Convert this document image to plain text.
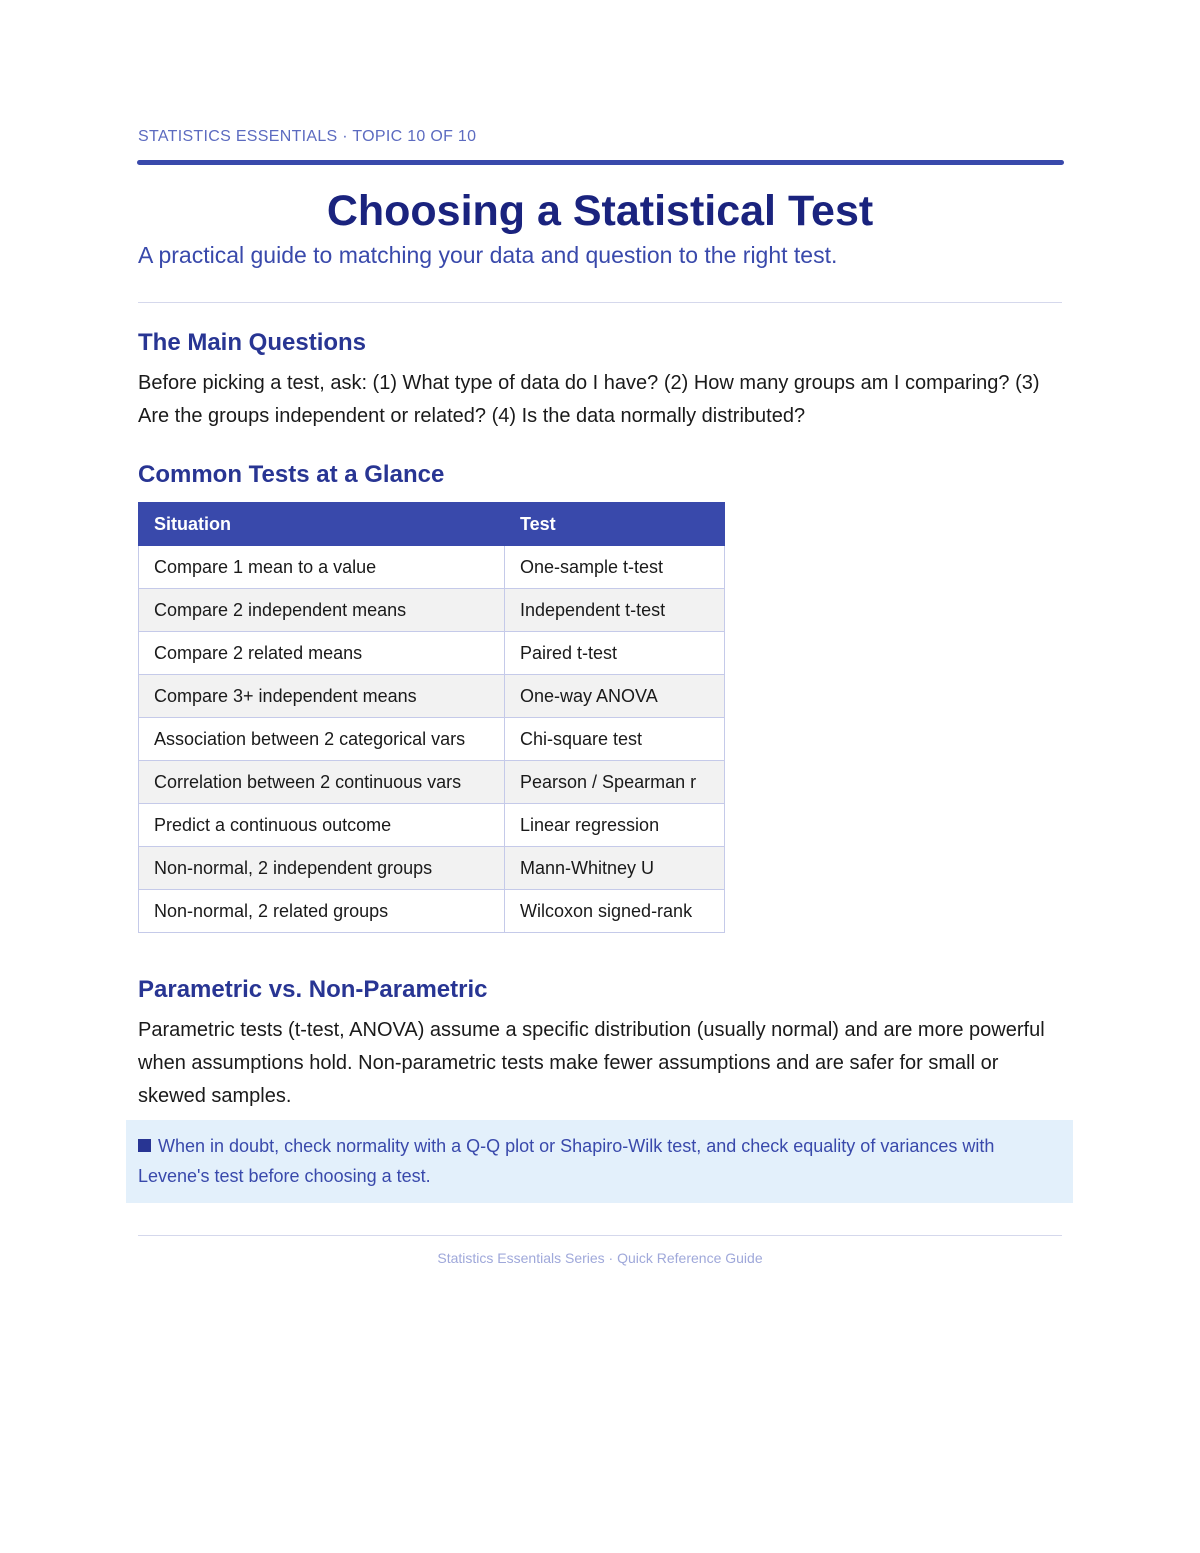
STATISTICS ESSENTIALS · TOPIC 10 OF 10
Choosing a Statistical Test

A practical guide to matching your data and question to the right test.

The Main Questions

Before picking a test, ask: (1) What type of data do I have? (2) How many groups am I comparing? (3) Are the groups independent or related? (4) Is the data normally distributed?

Common Tests at a Glance
Situation	Test
Compare 1 mean to a value	One-sample t-test
Compare 2 independent means	Independent t-test
Compare 2 related means	Paired t-test
Compare 3+ independent means	One-way ANOVA
Association between 2 categorical vars	Chi-square test
Correlation between 2 continuous vars	Pearson / Spearman r
Predict a continuous outcome	Linear regression
Non-normal, 2 independent groups	Mann-Whitney U
Non-normal, 2 related groups	Wilcoxon signed-rank
Parametric vs. Non-Parametric

Parametric tests (t-test, ANOVA) assume a specific distribution (usually normal) and are more powerful when assumptions hold. Non-parametric tests make fewer assumptions and are safer for small or skewed samples.

When in doubt, check normality with a Q-Q plot or Shapiro-Wilk test, and check equality of variances with Levene's test before choosing a test.
Statistics Essentials Series · Quick Reference Guide
